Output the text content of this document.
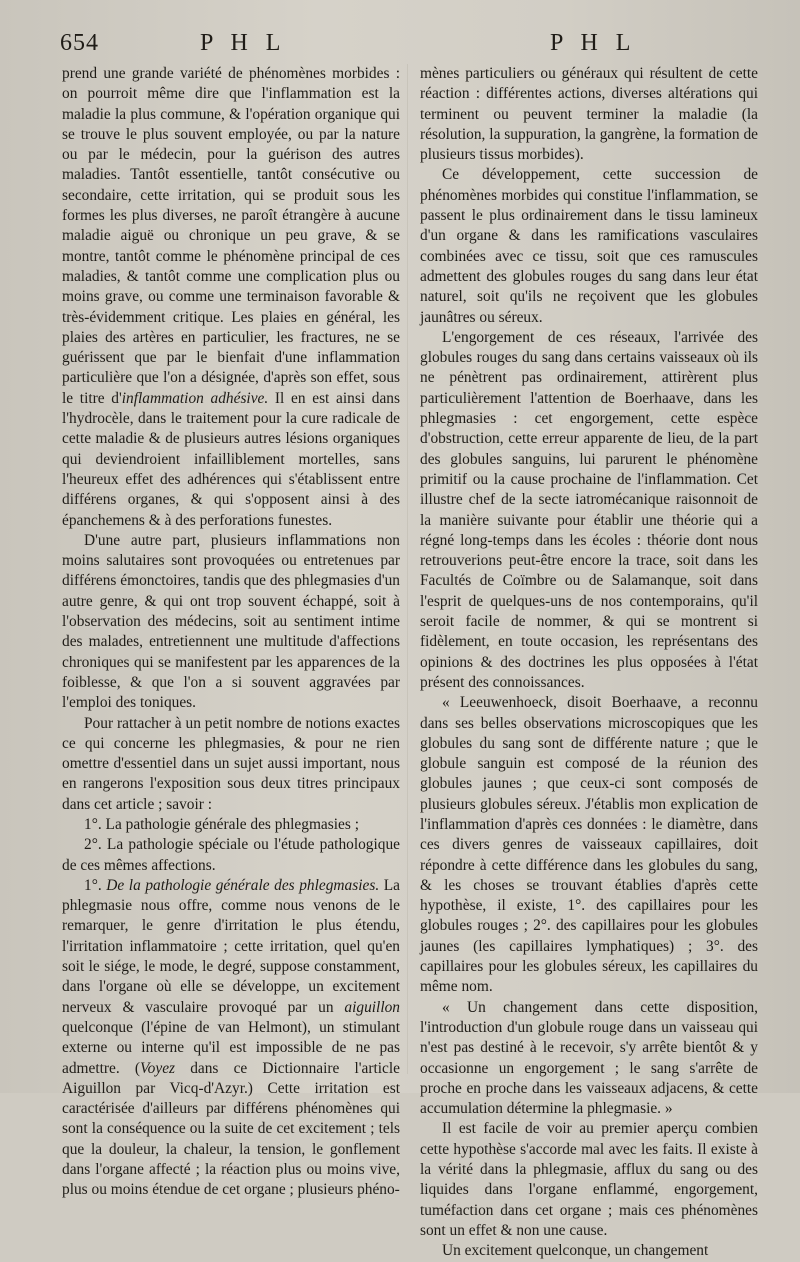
654	P H L	P H L

prend une grande variété de phénomènes morbides : on pourroit même dire que l'inflammation est la maladie la plus commune, & l'opération organique qui se trouve le plus souvent employée, ou par la nature ou par le médecin, pour la guérison des autres maladies. Tantôt essentielle, tantôt consécutive ou secondaire, cette irritation, qui se produit sous les formes les plus diverses, ne paroît étrangère à aucune maladie aiguë ou chronique un peu grave, & se montre, tantôt comme le phénomène principal de ces maladies, & tantôt comme une complication plus ou moins grave, ou comme une terminaison favorable & très-évidemment critique. Les plaies en général, les plaies des artères en particulier, les fractures, ne se guérissent que par le bienfait d'une inflammation particulière que l'on a désignée, d'après son effet, sous le titre d'inflammation adhésive. Il en est ainsi dans l'hydrocèle, dans le traitement pour la cure radicale de cette maladie & de plusieurs autres lésions organiques qui deviendroient infailliblement mortelles, sans l'heureux effet des adhérences qui s'établissent entre différens organes, & qui s'opposent ainsi à des épanchemens & à des perforations funestes.

D'une autre part, plusieurs inflammations non moins salutaires sont provoquées ou entretenues par différens émonctoires, tandis que des phlegmasies d'un autre genre, & qui ont trop souvent échappé, soit à l'observation des médecins, soit au sentiment intime des malades, entretiennent une multitude d'affections chroniques qui se manifestent par les apparences de la foiblesse, & que l'on a si souvent aggravées par l'emploi des toniques.

Pour rattacher à un petit nombre de notions exactes ce qui concerne les phlegmasies, & pour ne rien omettre d'essentiel dans un sujet aussi important, nous en rangerons l'exposition sous deux titres principaux dans cet article ; savoir :

1°. La pathologie générale des phlegmasies ;

2°. La pathologie spéciale ou l'étude pathologique de ces mêmes affections.

1°. De la pathologie générale des phlegmasies. La phlegmasie nous offre, comme nous venons de le remarquer, le genre d'irritation le plus étendu, l'irritation inflammatoire ; cette irritation, quel qu'en soit le siége, le mode, le degré, suppose constamment, dans l'organe où elle se développe, un excitement nerveux & vasculaire provoqué par un aiguillon quelconque (l'épine de van Helmont), un stimulant externe ou interne qu'il est impossible de ne pas admettre. (Voyez dans ce Dictionnaire l'article Aiguillon par Vicq-d'Azyr.) Cette irritation est caractérisée d'ailleurs par différens phénomènes qui sont la conséquence ou la suite de cet excitement ; tels que la douleur, la chaleur, la tension, le gonflement dans l'organe affecté ; la réaction plus ou moins vive, plus ou moins étendue de cet organe ; plusieurs phéno-

mènes particuliers ou généraux qui résultent de cette réaction : différentes actions, diverses altérations qui terminent ou peuvent terminer la maladie (la résolution, la suppuration, la gangrène, la formation de plusieurs tissus morbides).

Ce développement, cette succession de phénomènes morbides qui constitue l'inflammation, se passent le plus ordinairement dans le tissu lamineux d'un organe & dans les ramifications vasculaires combinées avec ce tissu, soit que ces ramuscules admettent des globules rouges du sang dans leur état naturel, soit qu'ils ne reçoivent que les globules jaunâtres ou séreux.

L'engorgement de ces réseaux, l'arrivée des globules rouges du sang dans certains vaisseaux où ils ne pénètrent pas ordinairement, attirèrent plus particulièrement l'attention de Boerhaave, dans les phlegmasies : cet engorgement, cette espèce d'obstruction, cette erreur apparente de lieu, de la part des globules sanguins, lui parurent le phénomène primitif ou la cause prochaine de l'inflammation. Cet illustre chef de la secte iatromécanique raisonnoit de la manière suivante pour établir une théorie qui a régné long-temps dans les écoles : théorie dont nous retrouverions peut-être encore la trace, soit dans les Facultés de Coïmbre ou de Salamanque, soit dans l'esprit de quelques-uns de nos contemporains, qu'il seroit facile de nommer, & qui se montrent si fidèlement, en toute occasion, les représentans des opinions & des doctrines les plus opposées à l'état présent des connoissances.

« Leeuwenhoeck, disoit Boerhaave, a reconnu dans ses belles observations microscopiques que les globules du sang sont de différente nature ; que le globule sanguin est composé de la réunion des globules jaunes ; que ceux-ci sont composés de plusieurs globules séreux. J'établis mon explication de l'inflammation d'après ces données : le diamètre, dans ces divers genres de vaisseaux capillaires, doit répondre à cette différence dans les globules du sang, & les choses se trouvant établies d'après cette hypothèse, il existe, 1°. des capillaires pour les globules rouges ; 2°. des capillaires pour les globules jaunes (les capillaires lymphatiques) ; 3°. des capillaires pour les globules séreux, les capillaires du même nom.

« Un changement dans cette disposition, l'introduction d'un globule rouge dans un vaisseau qui n'est pas destiné à le recevoir, s'y arrête bientôt & y occasionne un engorgement ; le sang s'arrête de proche en proche dans les vaisseaux adjacens, & cette accumulation détermine la phlegmasie. »

Il est facile de voir au premier aperçu combien cette hypothèse s'accorde mal avec les faits. Il existe à la vérité dans la phlegmasie, afflux du sang ou des liquides dans l'organe enflammé, engorgement, tuméfaction dans cet organe ; mais ces phénomènes sont un effet & non une cause.

Un excitement quelconque, un changement
